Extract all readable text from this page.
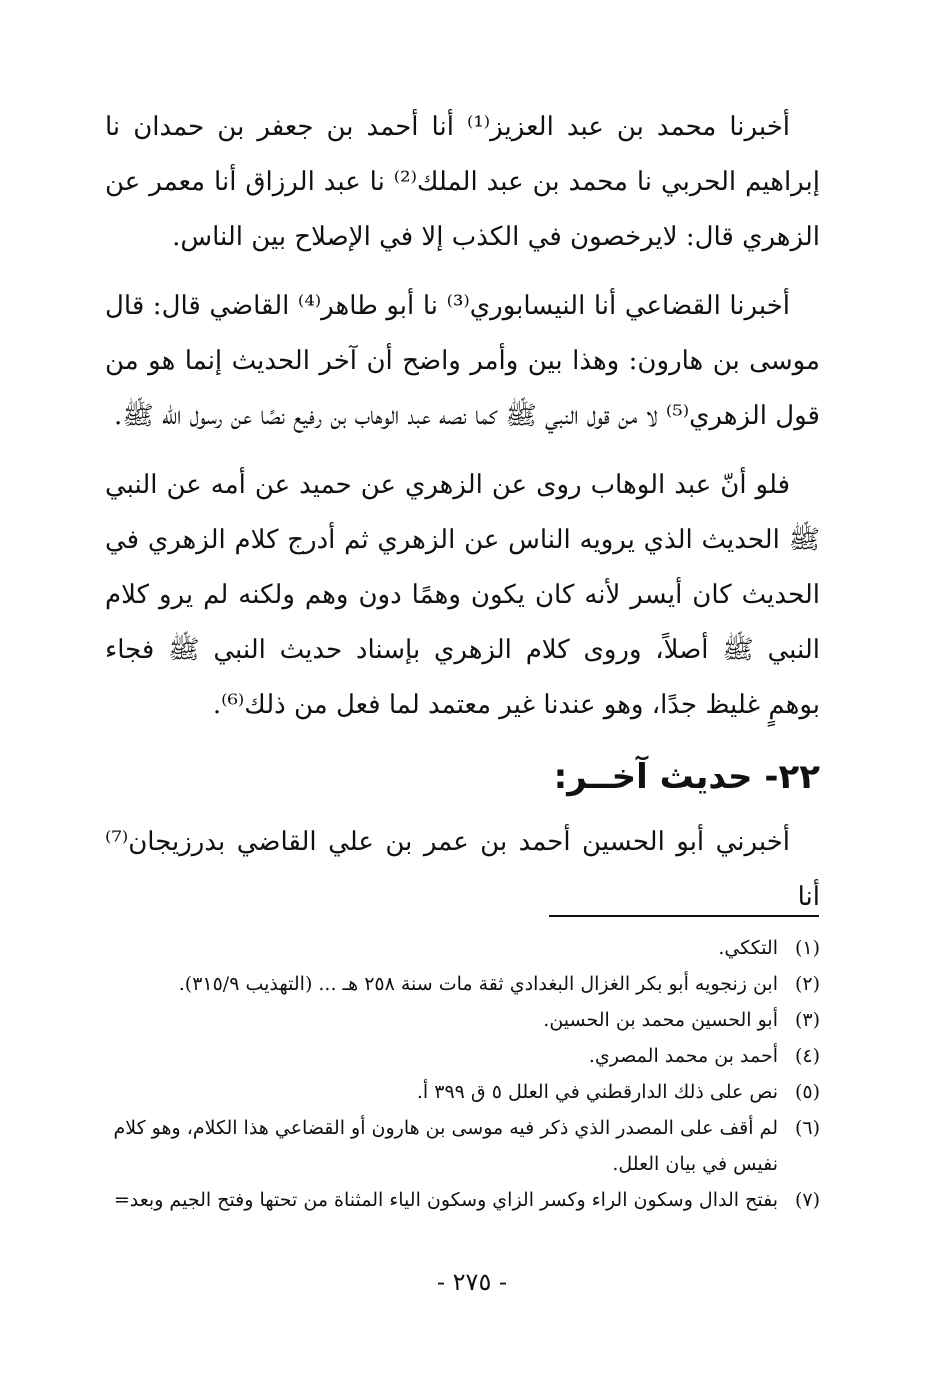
أخبرنا محمد بن عبد العزيز⁽¹⁾ أنا أحمد بن جعفر بن حمدان نا إبراهيم الحربي نا محمد بن عبد الملك⁽²⁾ نا عبد الرزاق أنا معمر عن الزهري قال: لايرخصون في الكذب إلا في الإصلاح بين الناس.

أخبرنا القضاعي أنا النيسابوري⁽³⁾ نا أبو طاهر⁽⁴⁾ القاضي قال: قال موسى بن هارون: وهذا بين وأمر واضح أن آخر الحديث إنما هو من قول الزهري⁽⁵⁾ لا من قول النبي ﷺ كما نصه عبد الوهاب بن رفيع نصًا عن رسول الله ﷺ.

فلو أنّ عبد الوهاب روى عن الزهري عن حميد عن أمه عن النبي ﷺ الحديث الذي يرويه الناس عن الزهري ثم أدرج كلام الزهري في الحديث كان أيسر لأنه كان يكون وهمًا دون وهم ولكنه لم يرو كلام النبي ﷺ أصلاً، وروى كلام الزهري بإسناد حديث النبي ﷺ فجاء بوهمٍ غليظ جدًا، وهو عندنا غير معتمد لما فعل من ذلك⁽⁶⁾.

٢٢- حديث آخــر:

أخبرني أبو الحسين أحمد بن عمر بن علي القاضي بدرزيجان⁽⁷⁾ أنا

(١)
التككي.
(٢)
ابن زنجويه أبو بكر الغزال البغدادي ثقة مات سنة ٢٥٨ هـ ... (التهذيب ٣١٥/٩).
(٣)
أبو الحسين محمد بن الحسين.
(٤)
أحمد بن محمد المصري.
(٥)
نص على ذلك الدارقطني في العلل ٥ ق ٣٩٩ أ.
(٦)
لم أقف على المصدر الذي ذكر فيه موسى بن هارون أو القضاعي هذا الكلام، وهو كلام نفيس في بيان العلل.
(٧)
بفتح الدال وسكون الراء وكسر الزاي وسكون الياء المثناة من تحتها وفتح الجيم وبعد=
- ٢٧٥ -
